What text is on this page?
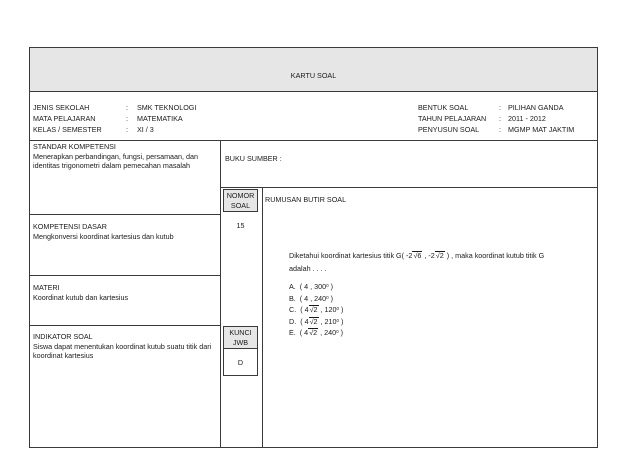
KARTU SOAL
JENIS SEKOLAH	: SMK TEKNOLOGI
MATA PELAJARAN	: MATEMATIKA
KELAS / SEMESTER	: XI / 3
BENTUK SOAL	: PILIHAN GANDA
TAHUN PELAJARAN : 2011 - 2012
PENYUSUN SOAL	: MGMP MAT JAKTIM
STANDAR KOMPETENSI
Menerapkan perbandingan, fungsi, persamaan, dan identitas trigonometri dalam pemecahan masalah
BUKU SUMBER :
NOMOR
SOAL
15
RUMUSAN BUTIR SOAL
KOMPETENSI DASAR
Mengkonversi koordinat kartesius dan kutub
MATERI
Koordinat kutub dan kartesius
INDIKATOR SOAL
Siswa dapat menentukan koordinat kutub suatu titik dari koordinat kartesius
KUNCI
JWB
D
Diketahui koordinat kartesius titik G( -2√6 , -2√2 ) , maka koordinat kutub titik G
adalah . . . .
A. ( 4 , $300^0$ )
B. ( 4 , $240^0$ )
C. ( 4√2 , $120^0$ )
D. ( 4√2 , $210^0$ )
E. ( 4√2 , $240^0$ )
